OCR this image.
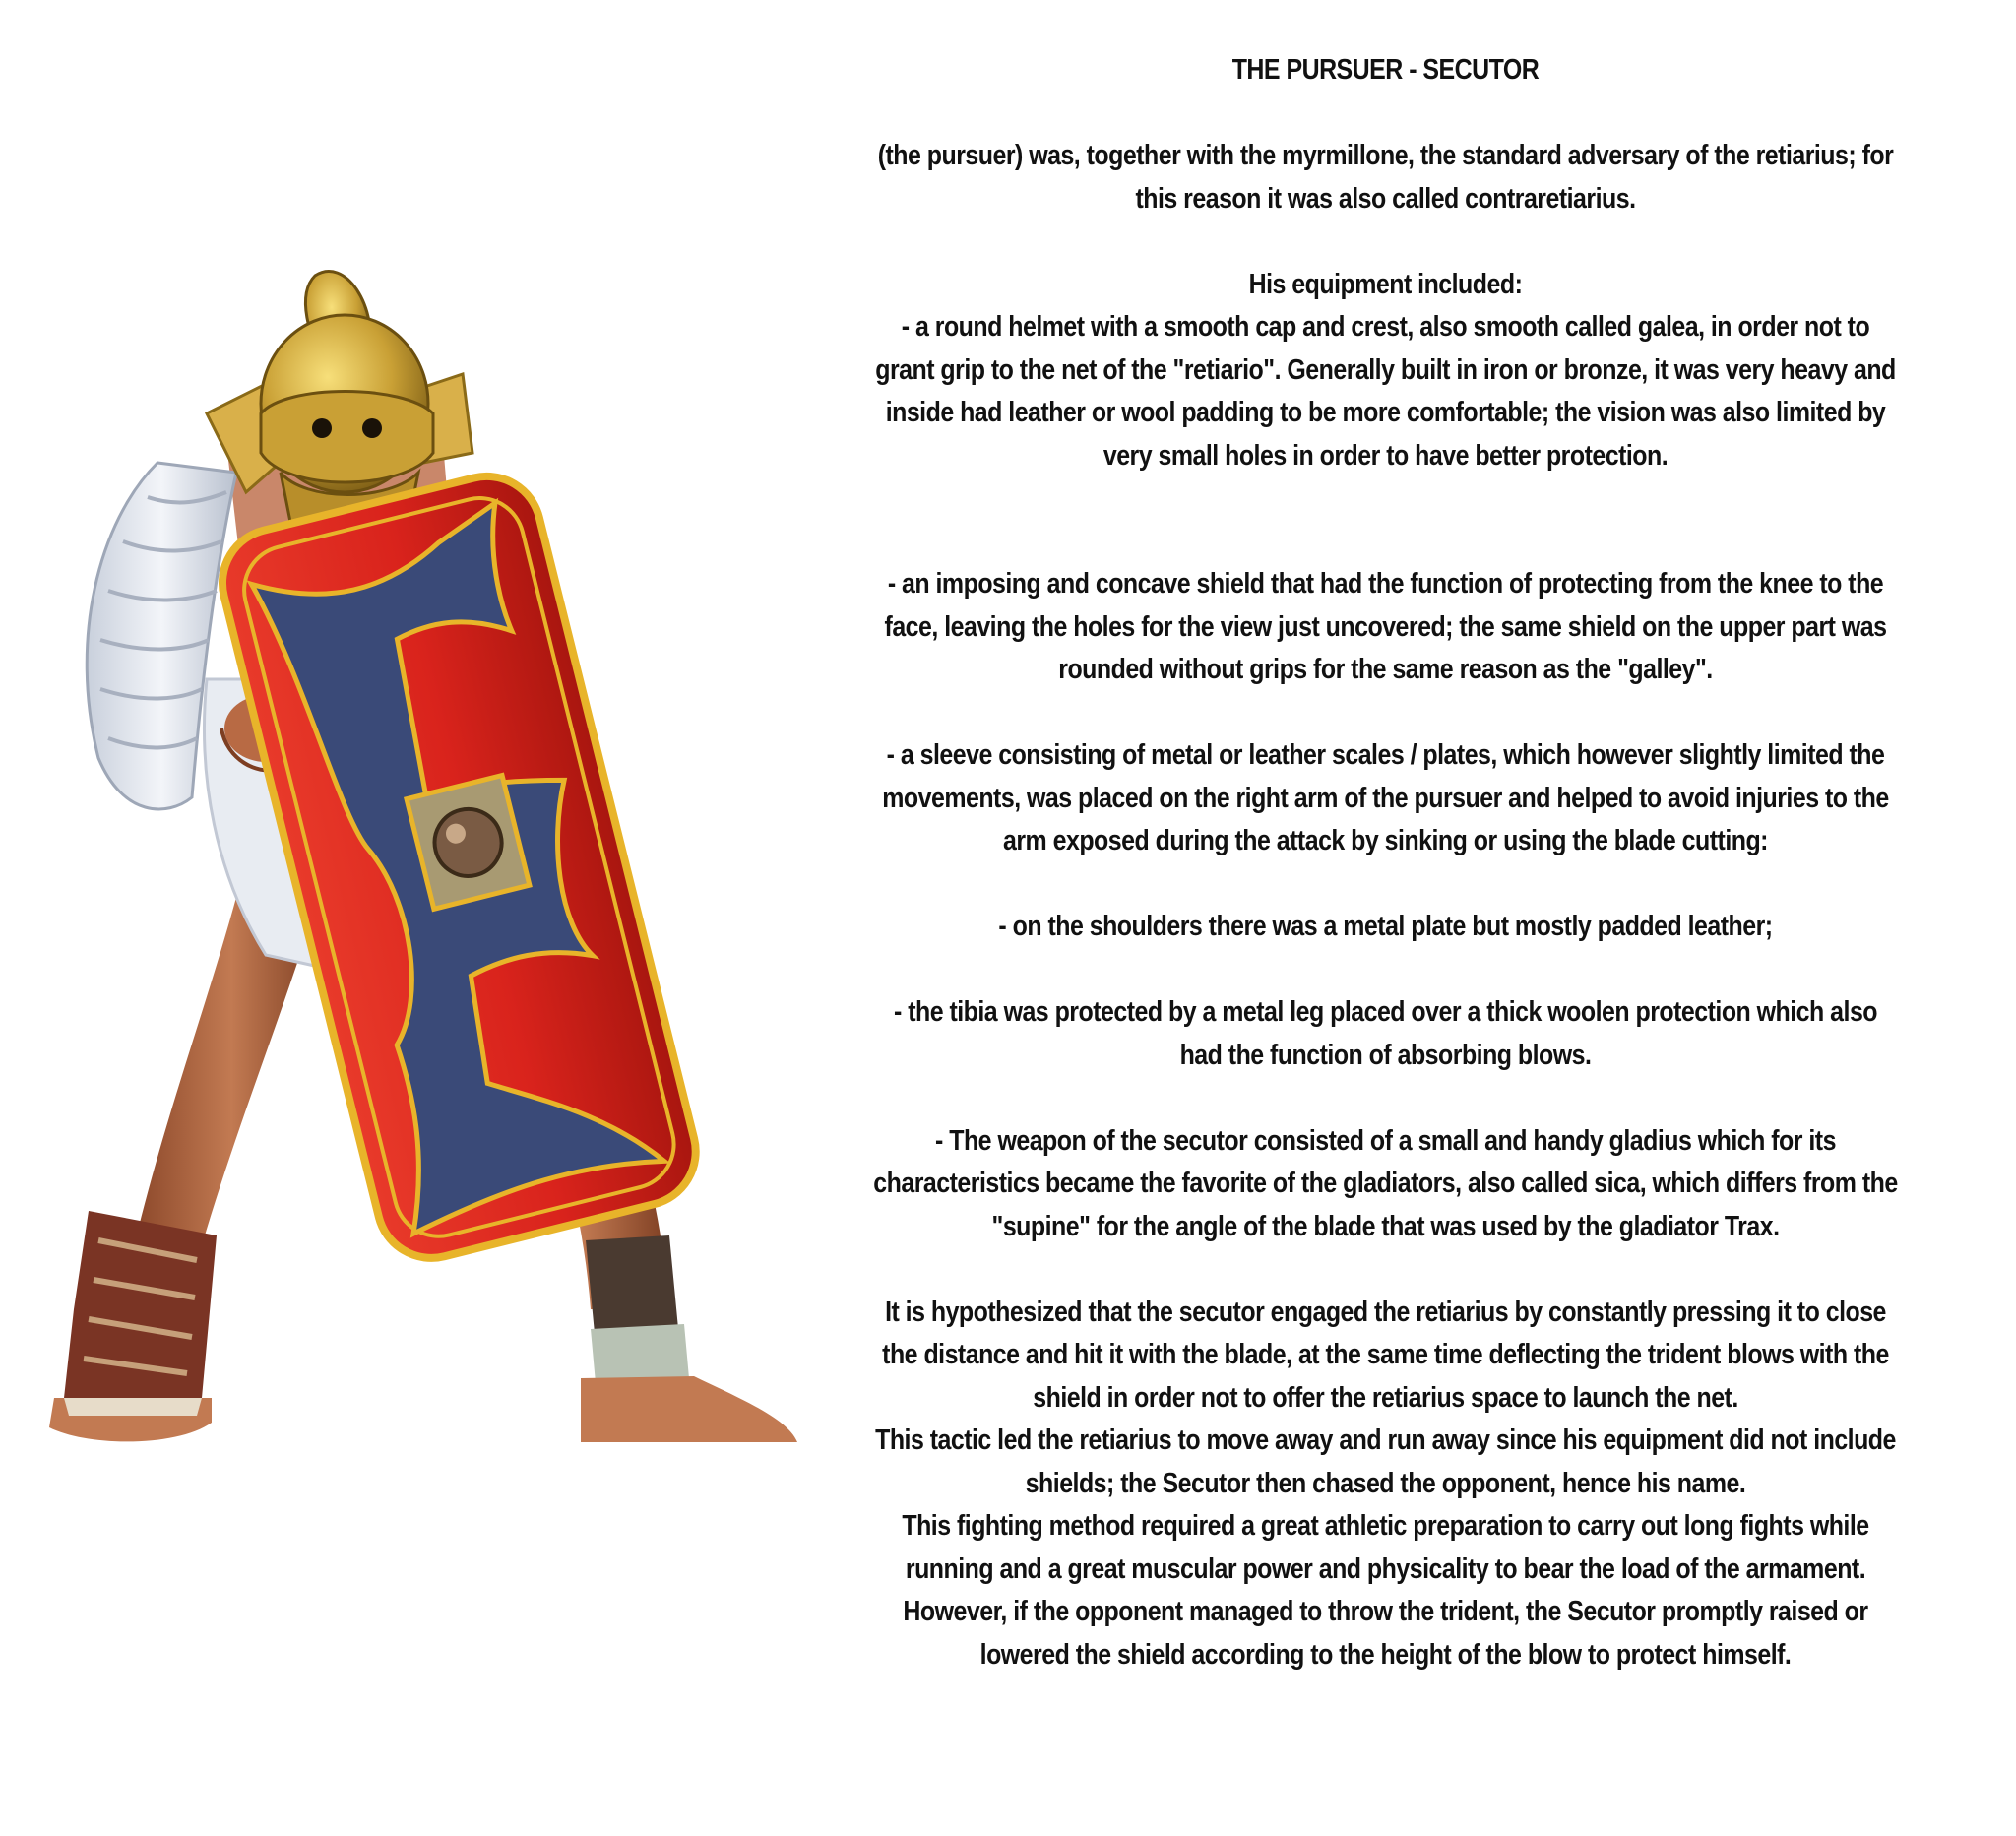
THE PURSUER - SECUTOR

(the pursuer) was, together with the myrmillone, the standard adversary of the retiarius; for this reason it was also called contraretiarius.

His equipment included:

- a round helmet with a smooth cap and crest, also smooth called galea, in order not to grant grip to the net of the "retiario". Generally built in iron or bronze, it was very heavy and inside had leather or wool padding to be more comfortable; the vision was also limited by very small holes in order to have better protection.

- an imposing and concave shield that had the function of protecting from the knee to the face, leaving the holes for the view just uncovered; the same shield on the upper part was rounded without grips for the same reason as the "galley".

- a sleeve consisting of metal or leather scales / plates, which however slightly limited the movements, was placed on the right arm of the pursuer and helped to avoid injuries to the arm exposed during the attack by sinking or using the blade cutting:

- on the shoulders there was a metal plate but mostly padded leather;

- the tibia was protected by a metal leg placed over a thick woolen protection which also had the function of absorbing blows.

- The weapon of the secutor consisted of a small and handy gladius which for its characteristics became the favorite of the gladiators, also called sica, which differs from the "supine" for the angle of the blade that was used by the gladiator Trax.

It is hypothesized that the secutor engaged the retiarius by constantly pressing it to close the distance and hit it with the blade, at the same time deflecting the trident blows with the shield in order not to offer the retiarius space to launch the net.

This tactic led the retiarius to move away and run away since his equipment did not include shields; the Secutor then chased the opponent, hence his name.

This fighting method required a great athletic preparation to carry out long fights while running and a great muscular power and physicality to bear the load of the armament. However, if the opponent managed to throw the trident, the Secutor promptly raised or lowered the shield according to the height of the blow to protect himself.
